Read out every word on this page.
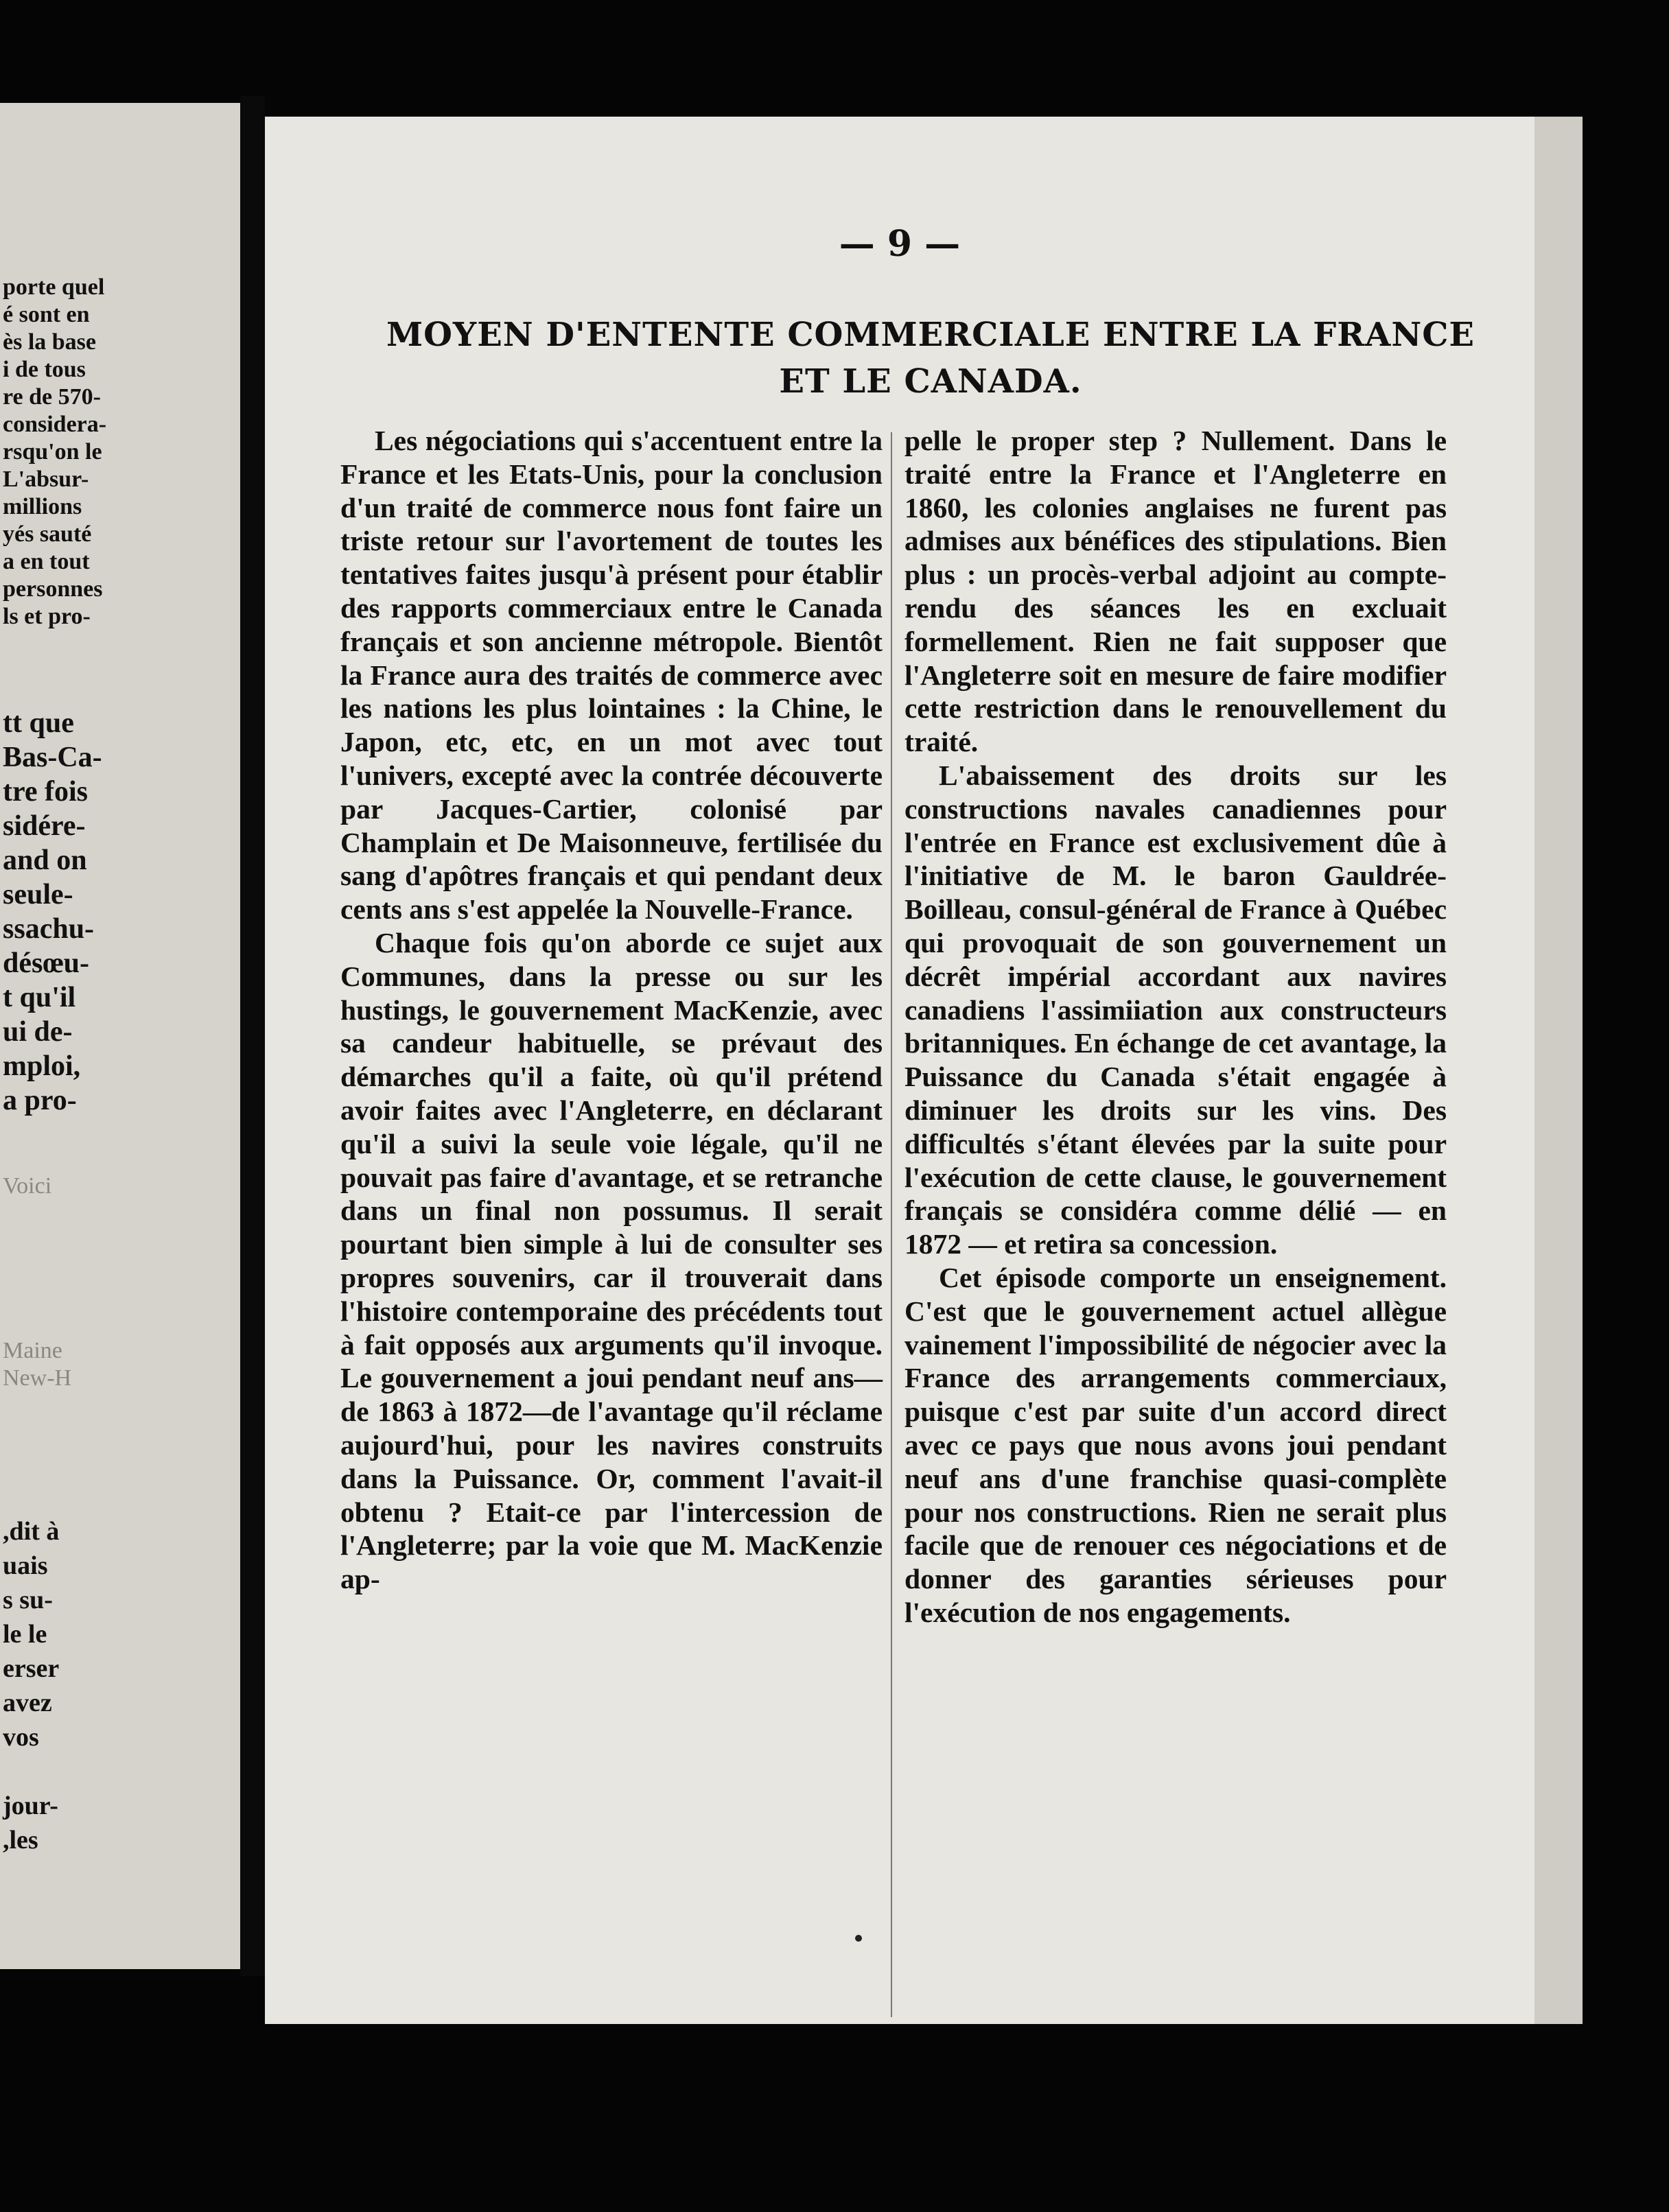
porte quel
é sont en
ès la base
i de tous
re de 570-
considera-
rsqu'on le
L'absur-
millions
yés sauté
a en tout
personnes
ls et pro-
tt que
Bas-Ca-
tre fois
sidére-
and on
seule-
ssachu-
désœu-
t qu'il
ui de-
mploi,
a pro-
Voici
Maine
New-H
,dit à
uais
s su-
le le
erser
avez
vos
jour-
,les
— 9 —
MOYEN D'ENTENTE COMMERCIALE ENTRE LA FRANCE
ET LE CANADA.

Les négociations qui s'accentuent entre la France et les Etats-Unis, pour la conclusion d'un traité de commerce nous font faire un triste retour sur l'avortement de toutes les tentatives faites jusqu'à présent pour établir des rapports commerciaux entre le Canada français et son ancienne métropole. Bientôt la France aura des traités de commerce avec les nations les plus lointaines : la Chine, le Japon, etc, etc, en un mot avec tout l'univers, excepté avec la contrée découverte par Jacques-Cartier, colonisé par Champlain et De Maisonneuve, fertilisée du sang d'apôtres français et qui pendant deux cents ans s'est appelée la Nouvelle-France.

Chaque fois qu'on aborde ce sujet aux Communes, dans la presse ou sur les hustings, le gouvernement MacKenzie, avec sa candeur habituelle, se prévaut des démarches qu'il a faite, où qu'il prétend avoir faites avec l'Angleterre, en déclarant qu'il a suivi la seule voie légale, qu'il ne pouvait pas faire d'avantage, et se retranche dans un final non possumus. Il serait pourtant bien simple à lui de consulter ses propres souvenirs, car il trouverait dans l'histoire contemporaine des précédents tout à fait opposés aux arguments qu'il invoque. Le gouvernement a joui pendant neuf ans—de 1863 à 1872—de l'avantage qu'il réclame aujourd'hui, pour les navires construits dans la Puissance. Or, comment l'avait-il obtenu ? Etait-ce par l'intercession de l'Angleterre; par la voie que M. MacKenzie ap-

pelle le proper step ? Nullement. Dans le traité entre la France et l'Angleterre en 1860, les colonies anglaises ne furent pas admises aux bénéfices des stipulations. Bien plus : un procès-verbal adjoint au compte-rendu des séances les en excluait formellement. Rien ne fait supposer que l'Angleterre soit en mesure de faire modifier cette restriction dans le renouvellement du traité.

L'abaissement des droits sur les constructions navales canadiennes pour l'entrée en France est exclusivement dûe à l'initiative de M. le baron Gauldrée-Boilleau, consul-général de France à Québec qui provoquait de son gouvernement un décrêt impérial accordant aux navires canadiens l'assimiiation aux constructeurs britanniques. En échange de cet avantage, la Puissance du Canada s'était engagée à diminuer les droits sur les vins. Des difficultés s'étant élevées par la suite pour l'exécution de cette clause, le gouvernement français se considéra comme délié — en 1872 — et retira sa concession.

Cet épisode comporte un enseignement. C'est que le gouvernement actuel allègue vainement l'impossibilité de négocier avec la France des arrangements commerciaux, puisque c'est par suite d'un accord direct avec ce pays que nous avons joui pendant neuf ans d'une franchise quasi-complète pour nos constructions. Rien ne serait plus facile que de renouer ces négociations et de donner des garanties sérieuses pour l'exécution de nos engagements.
